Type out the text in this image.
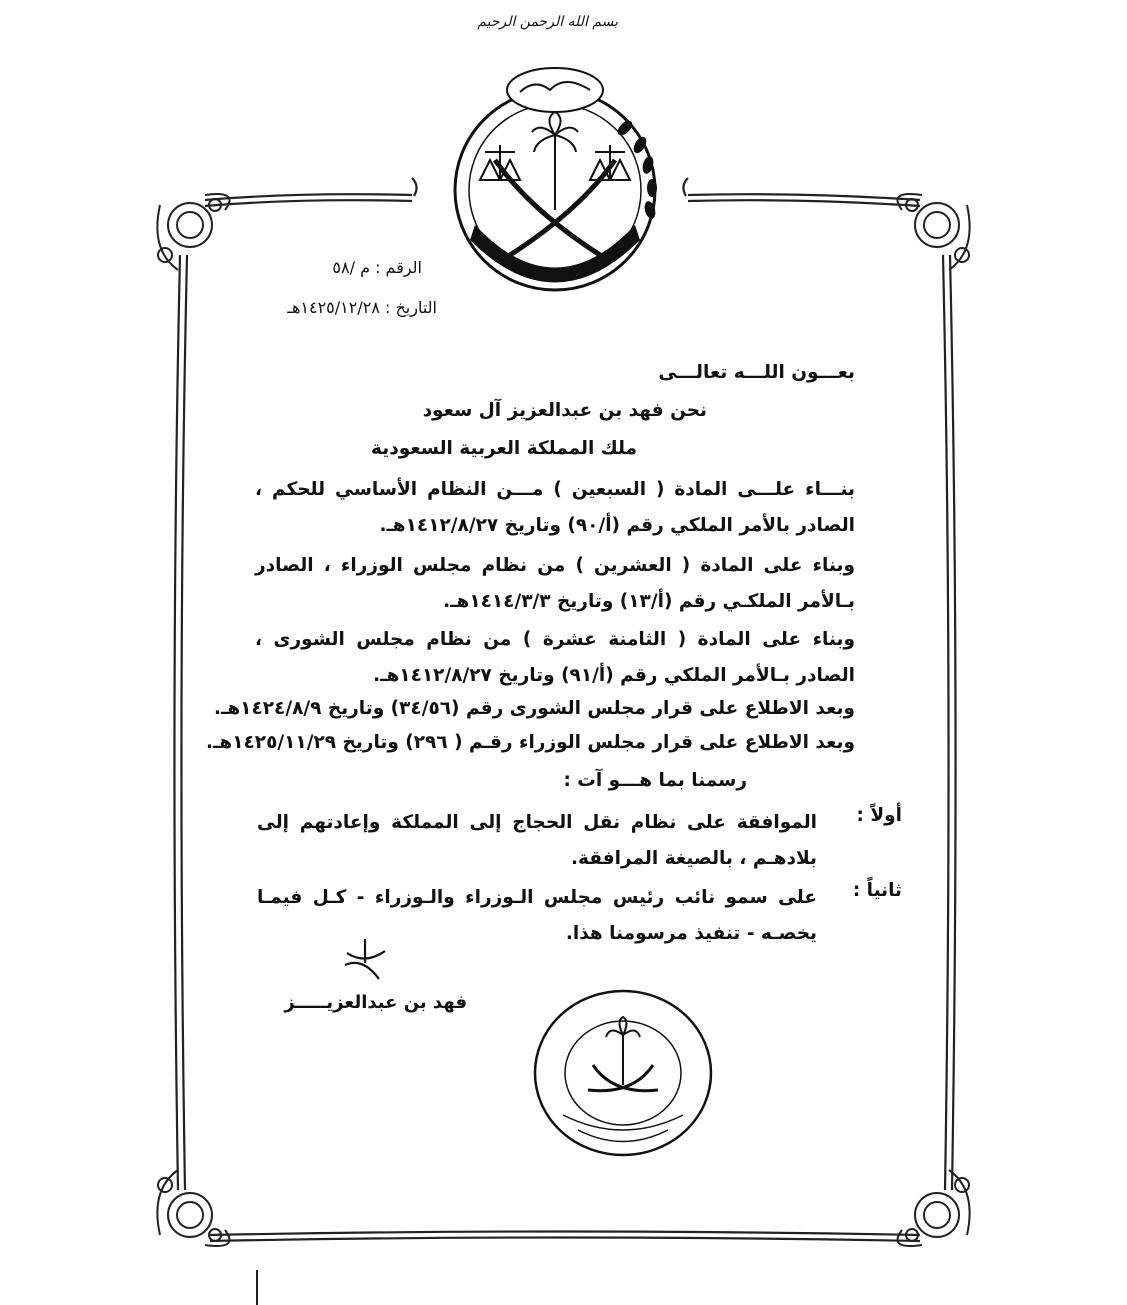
بسم الله الرحمن الرحيم
الرقم : م /٥٨
التاريخ : ١٤٢٥/١٢/٢٨هـ
بعـــون اللـــه تعالـــى
نحن فهد بن عبدالعزيز آل سعود
ملك المملكة العربية السعودية
بنـــاء علـــى المادة ( السبعين ) مـــن النظام الأساسي للحكم ، الصادر بالأمر الملكي رقم (أ/٩٠) وتاريخ ١٤١٢/٨/٢٧هـ.
وبناء على المادة ( العشرين ) من نظام مجلس الوزراء ، الصادر بـالأمر الملكـي رقم (أ/١٣) وتاريخ ١٤١٤/٣/٣هـ.
وبناء على المادة ( الثامنة عشرة ) من نظام مجلس الشورى ، الصادر بـالأمر الملكي رقم (أ/٩١) وتاريخ ١٤١٢/٨/٢٧هـ.
وبعد الاطلاع على قرار مجلس الشورى رقم (٣٤/٥٦) وتاريخ ١٤٢٤/٨/٩هـ.
وبعد الاطلاع على قرار مجلس الوزراء رقـم ( ٢٩٦) وتاريخ ١٤٢٥/١١/٢٩هـ.
رسمنا بما هـــو آت :
أولاً :
الموافقة على نظام نقل الحجاج إلى المملكة وإعادتهم إلى بلادهـم ، بالصيغة المرافقة.
ثانياً :
على سمو نائب رئيس مجلس الـوزراء والـوزراء - كـل فيمـا يخصـه - تنفيذ مرسومنا هذا.
فهد بن عبدالعزيـــــز
